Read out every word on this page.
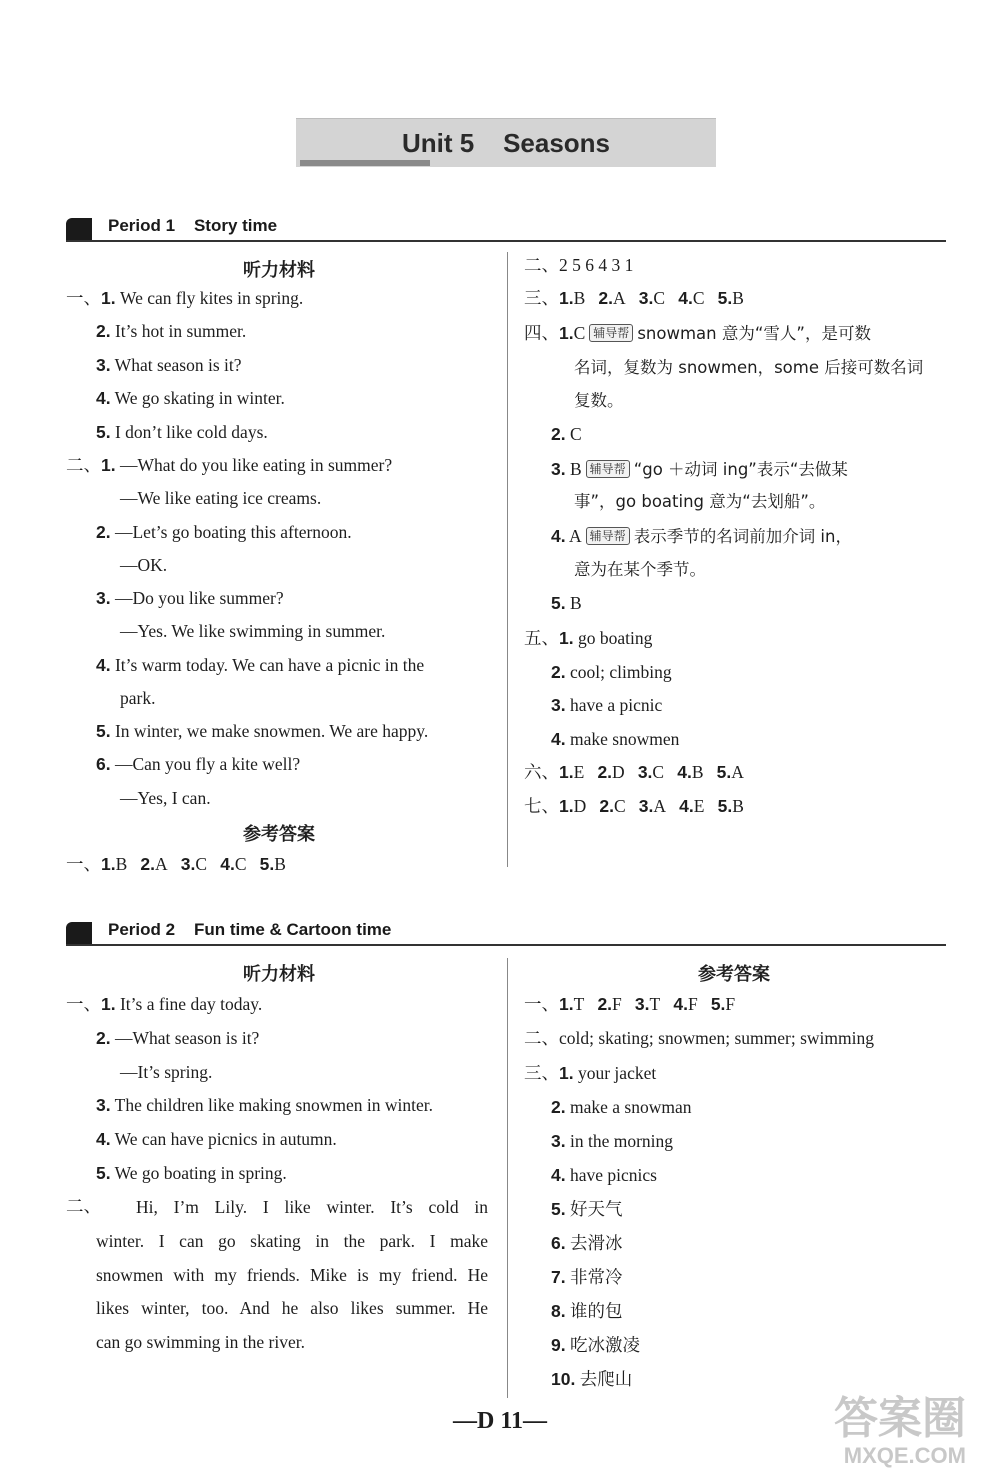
Unit 5    Seasons
Period 1    Story time
听力材料
一、1. We can fly kites in spring.
2. It’s hot in summer.
3. What season is it?
4. We go skating in winter.
5. I don’t like cold days.
二、1. —What do you like eating in summer?
—We like eating ice creams.
2. —Let’s go boating this afternoon.
—OK.
3. —Do you like summer?
—Yes. We like swimming in summer.
4. It’s warm today. We can have a picnic in the
park.
5. In winter, we make snowmen. We are happy.
6. —Can you fly a kite well?
—Yes, I can.
参考答案
一、1.B 2.A 3.C 4.C 5.B
二、2 5 6 4 3 1
三、1.B 2.A 3.C 4.C 5.B
四、1.C 辅导帮 snowman 意为“雪人”，是可数
名词，复数为 snowmen，some 后接可数名词
复数。
2. C
3. B 辅导帮 “go ＋动词 ing”表示“去做某
事”，go boating 意为“去划船”。
4. A 辅导帮 表示季节的名词前加介词 in，
意为在某个季节。
5. B
五、1. go boating
2. cool; climbing
3. have a picnic
4. make snowmen
六、1.E 2.D 3.C 4.B 5.A
七、1.D 2.C 3.A 4.E 5.B
Period 2    Fun time & Cartoon time
听力材料
一、1. It’s a fine day today.
2. —What season is it?
—It’s spring.
3. The children like making snowmen in winter.
4. We can have picnics in autumn.
5. We go boating in spring.
二、 Hi, I’m Lily. I like winter. It’s cold in
winter. I can go skating in the park. I make
snowmen with my friends. Mike is my friend. He
likes winter, too. And he also likes summer. He
can go swimming in the river.
参考答案
一、1.T 2.F 3.T 4.F 5.F
二、cold; skating; snowmen; summer; swimming
三、1. your jacket
2. make a snowman
3. in the morning
4. have picnics
5. 好天气
6. 去滑冰
7. 非常冷
8. 谁的包
9. 吃冰激凌
10. 去爬山
—D 11—	答案圈
MXQE.COM
